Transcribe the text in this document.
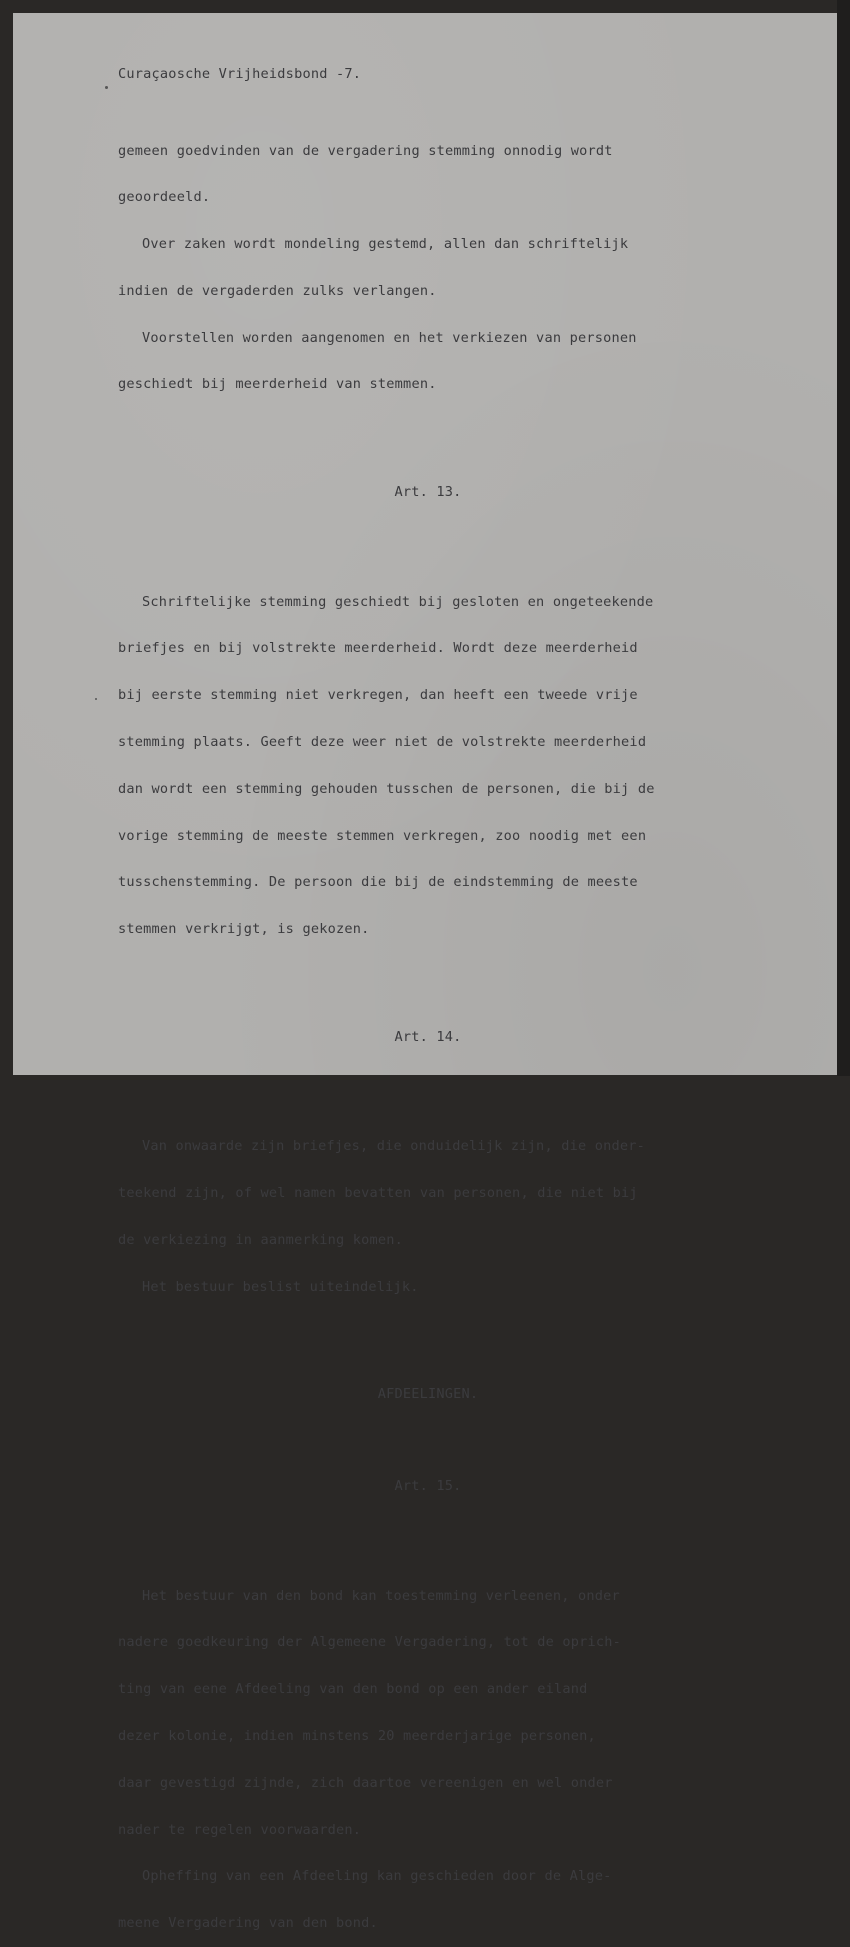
Curaçaosche Vrijheidsbond -7.

gemeen goedvinden van de vergadering stemming onnodig wordt

geoordeeld.

Over zaken wordt mondeling gestemd, allen dan schriftelijk

indien de vergaderden zulks verlangen.

Voorstellen worden aangenomen en het verkiezen van personen

geschiedt bij meerderheid van stemmen.

Art. 13.

Schriftelijke stemming geschiedt bij gesloten en ongeteekende

briefjes en bij volstrekte meerderheid. Wordt deze meerderheid

bij eerste stemming niet verkregen, dan heeft een tweede vrije

stemming plaats. Geeft deze weer niet de volstrekte meerderheid

dan wordt een stemming gehouden tusschen de personen, die bij de

vorige stemming de meeste stemmen verkregen, zoo noodig met een

tusschenstemming. De persoon die bij de eindstemming de meeste

stemmen verkrijgt, is gekozen.

Art. 14.

Van onwaarde zijn briefjes, die onduidelijk zijn, die onder-

teekend zijn, of wel namen bevatten van personen, die niet bij

de verkiezing in aanmerking komen.

Het bestuur beslist uiteindelijk.

AFDEELINGEN.

Art. 15.

Het bestuur van den bond kan toestemming verleenen, onder

nadere goedkeuring der Algemeene Vergadering, tot de oprich-

ting van eene Afdeeling van den bond op een ander eiland

dezer kolonie, indien minstens 20 meerderjarige personen,

daar gevestigd zijnde, zich daartoe vereenigen en wel onder

nader te regelen voorwaarden.

Opheffing van een Afdeeling kan geschieden door de Alge-

meene Vergadering van den bond.
